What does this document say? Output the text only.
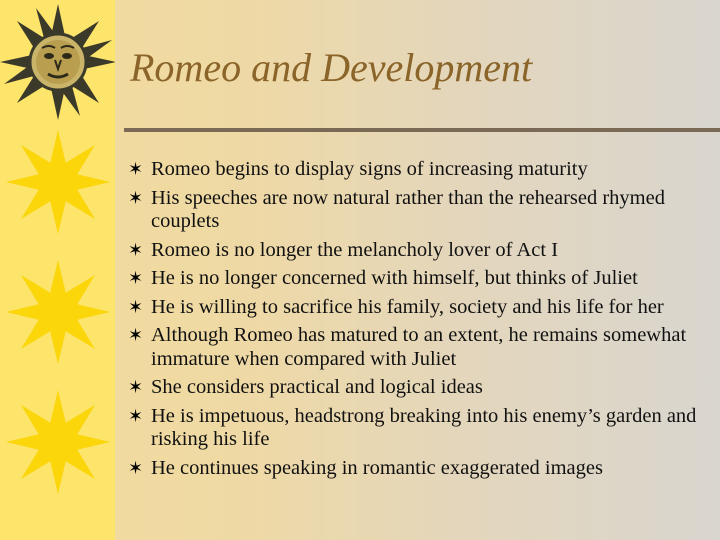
Romeo and Development
✶ Romeo begins to display signs of increasing maturity
✶ His speeches are now natural rather than the rehearsed rhymed couplets
✶ Romeo is no longer the melancholy lover of Act I
✶ He is no longer concerned with himself, but thinks of Juliet
✶ He is willing to sacrifice his family, society and his life for her
✶ Although Romeo has matured to an extent, he remains somewhat immature when compared with Juliet
✶ She considers practical and logical ideas
✶ He is impetuous, headstrong breaking into his enemy’s garden and risking his life
✶ He continues speaking in romantic exaggerated images
